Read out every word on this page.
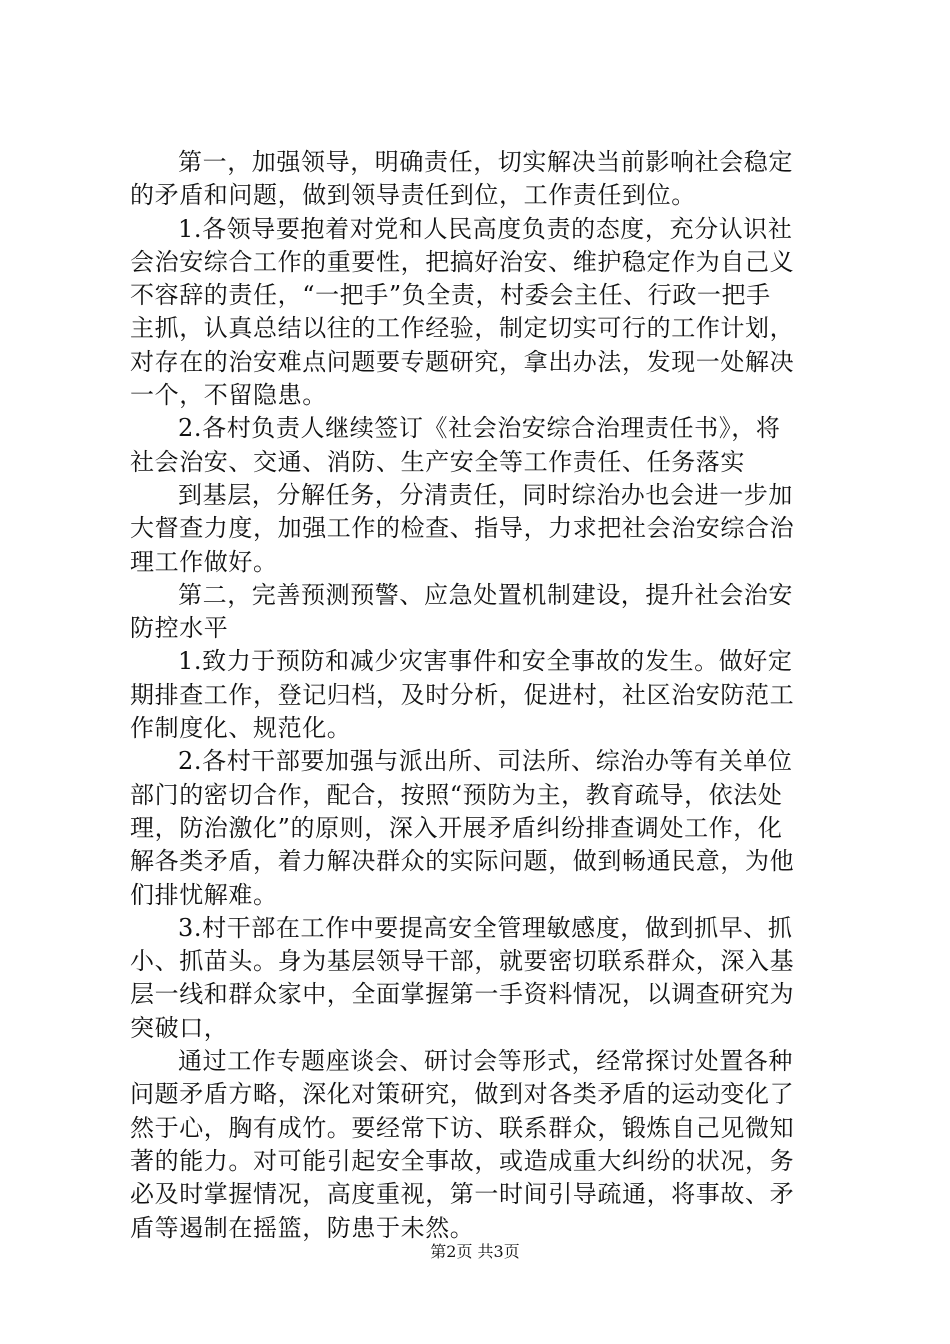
第一，加强领导，明确责任，切实解决当前影响社会稳定
的矛盾和问题，做到领导责任到位，工作责任到位。
1.各领导要抱着对党和人民高度负责的态度，充分认识社
会治安综合工作的重要性，把搞好治安、维护稳定作为自己义
不容辞的责任，“一把手”负全责，村委会主任、行政一把手
主抓，认真总结以往的工作经验，制定切实可行的工作计划，
对存在的治安难点问题要专题研究，拿出办法，发现一处解决
一个，不留隐患。
2.各村负责人继续签订《社会治安综合治理责任书》，将
社会治安、交通、消防、生产安全等工作责任、任务落实
到基层，分解任务，分清责任，同时综治办也会进一步加
大督查力度，加强工作的检查、指导，力求把社会治安综合治
理工作做好。
第二，完善预测预警、应急处置机制建设，提升社会治安
防控水平
1.致力于预防和减少灾害事件和安全事故的发生。做好定
期排查工作，登记归档，及时分析，促进村，社区治安防范工
作制度化、规范化。
2.各村干部要加强与派出所、司法所、综治办等有关单位
部门的密切合作，配合，按照“预防为主，教育疏导，依法处
理，防治激化”的原则，深入开展矛盾纠纷排查调处工作，化
解各类矛盾，着力解决群众的实际问题，做到畅通民意，为他
们排忧解难。
3.村干部在工作中要提高安全管理敏感度，做到抓早、抓
小、抓苗头。身为基层领导干部，就要密切联系群众，深入基
层一线和群众家中，全面掌握第一手资料情况，以调查研究为
突破口，
通过工作专题座谈会、研讨会等形式，经常探讨处置各种
问题矛盾方略，深化对策研究，做到对各类矛盾的运动变化了
然于心，胸有成竹。要经常下访、联系群众，锻炼自己见微知
著的能力。对可能引起安全事故，或造成重大纠纷的状况，务
必及时掌握情况，高度重视，第一时间引导疏通，将事故、矛
盾等遏制在摇篮，防患于未然。
第2页 共3页
